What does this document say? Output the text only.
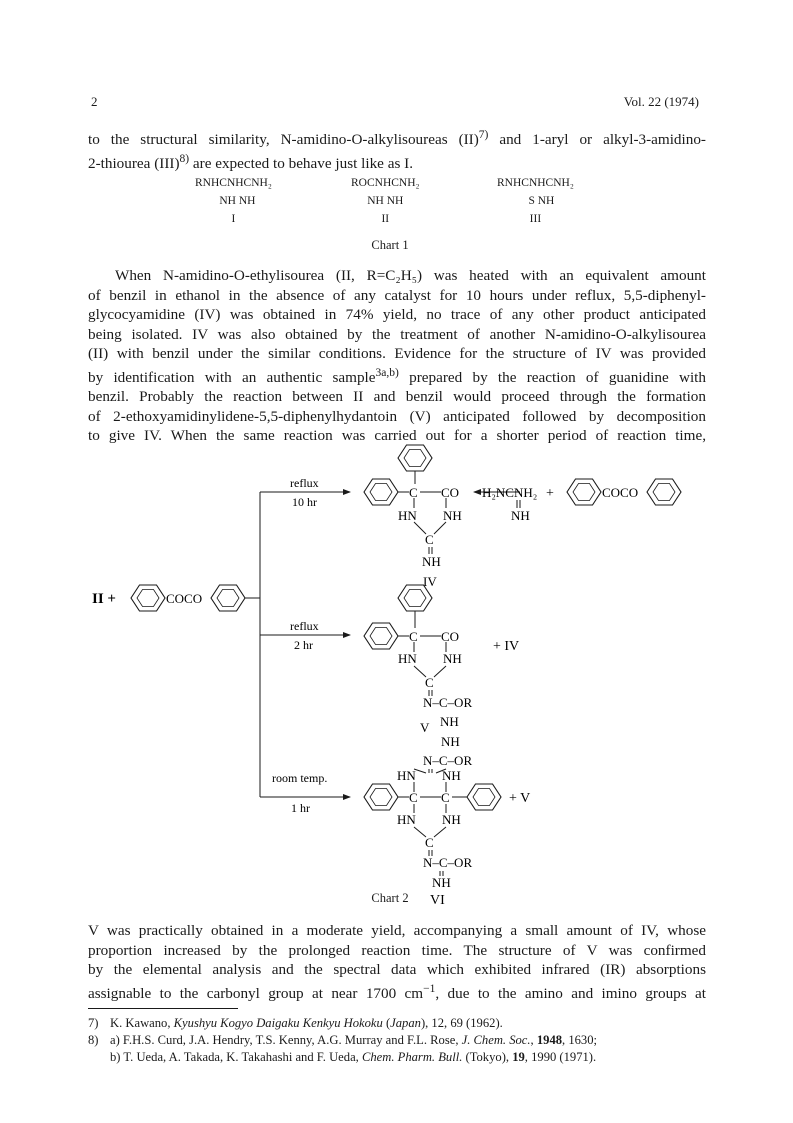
2	Vol. 22 (1974)

to the structural similarity, N-amidino-O-alkylisoureas (II)$^{7)}$ and 1-aryl or alkyl-3-amidino-
2-thiourea (III)$^{8)}$ are expected to behave just like as I.

RNHCNHCNH₂
NH NH
I
ROCNHCNH₂
NH NH
II
RNHCNHCNH₂
S NH
III
Chart 1

When N-amidino-O-ethylisourea (II, R=C₂H₅) was heated with an equivalent amount
of benzil in ethanol in the absence of any catalyst for 10 hours under reflux, 5,5-diphenyl-
glycocyamidine (IV) was obtained in 74% yield, no trace of any other product anticipated
being isolated. IV was also obtained by the treatment of another N-amidino-O-alkylisourea
(II) with benzil under the similar conditions. Evidence for the structure of IV was provided
by identification with an authentic sample$^{3a,b)}$ prepared by the reaction of guanidine with
benzil. Probably the reaction between II and benzil would proceed through the formation
of 2-ethoxyamidinylidene-5,5-diphenylhydantoin (V) anticipated followed by decomposition
to give IV. When the same reaction was carried out for a shorter period of reaction time,

II +	COCO
reflux
10 hr
reflux
2 hr
room temp.
1 hr
C CO
HN NH
C
NH
IV
H₂NCNH₂
NH
+	COCO
C CO
HN NH
C
N–C–OR
NH
V
+ IV
NH
N–C–OR
HN NH
C C
HN NH
C
N–C–OR
NH
VI
+ V
Chart 2

V was practically obtained in a moderate yield, accompanying a small amount of IV, whose
proportion increased by the prolonged reaction time. The structure of V was confirmed
by the elemental analysis and the spectral data which exhibited infrared (IR) absorptions
assignable to the carbonyl group at near 1700 $cm^{-1}$, due to the amino and imino groups at

7) K. Kawano, Kyushyu Kogyo Daigaku Kenkyu Hokoku (Japan), 12, 69 (1962).
8) a) F.H.S. Curd, J.A. Hendry, T.S. Kenny, A.G. Murray and F.L. Rose, J. Chem. Soc., 1948, 1630;
b) T. Ueda, A. Takada, K. Takahashi and F. Ueda, Chem. Pharm. Bull. (Tokyo), 19, 1990 (1971).
